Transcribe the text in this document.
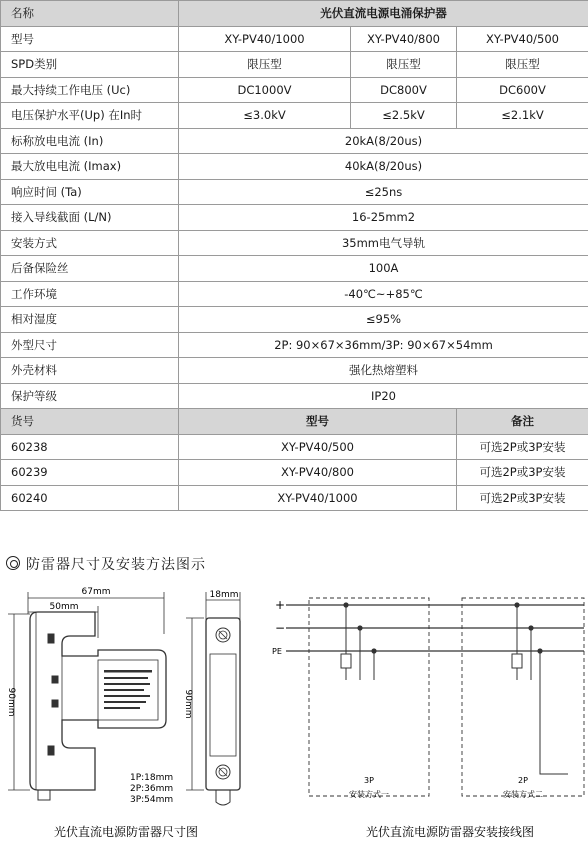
名称	光伏直流电源电涌保护器		
型号	XY-PV40/1000	XY-PV40/800	XY-PV40/500
SPD类别	限压型	限压型	限压型
最大持续工作电压 (Uc)	DC1000V	DC800V	DC600V
电压保护水平(Up) 在In时	≤3.0kV	≤2.5kV	≤2.1kV
标称放电电流 (In)	20kA(8/20us)		
最大放电电流 (Imax)	40kA(8/20us)		
响应时间 (Ta)	≤25ns		
接入导线截面 (L/N)	16-25mm2		
安装方式	35mm电气导轨		
后备保险丝	100A		
工作环境	-40℃~+85℃		
相对湿度	≤95%		
外型尺寸	2P: 90×67×36mm/3P: 90×67×54mm		
外壳材料	强化热熔塑料		
保护等级	IP20		
货号	型号		备注
60238	XY-PV40/500		可选2P或3P安装
60239	XY-PV40/800		可选2P或3P安装
60240	XY-PV40/1000		可选2P或3P安装
防雷器尺寸及安装方法图示
67mm
50mm
90mm
18mm
90mm
1P:18mm
2P:36mm
3P:54mm
+
−
PE
3P
安装方式一
2P
安装方式二
光伏直流电源防雷器尺寸图	光伏直流电源防雷器安装接线图
